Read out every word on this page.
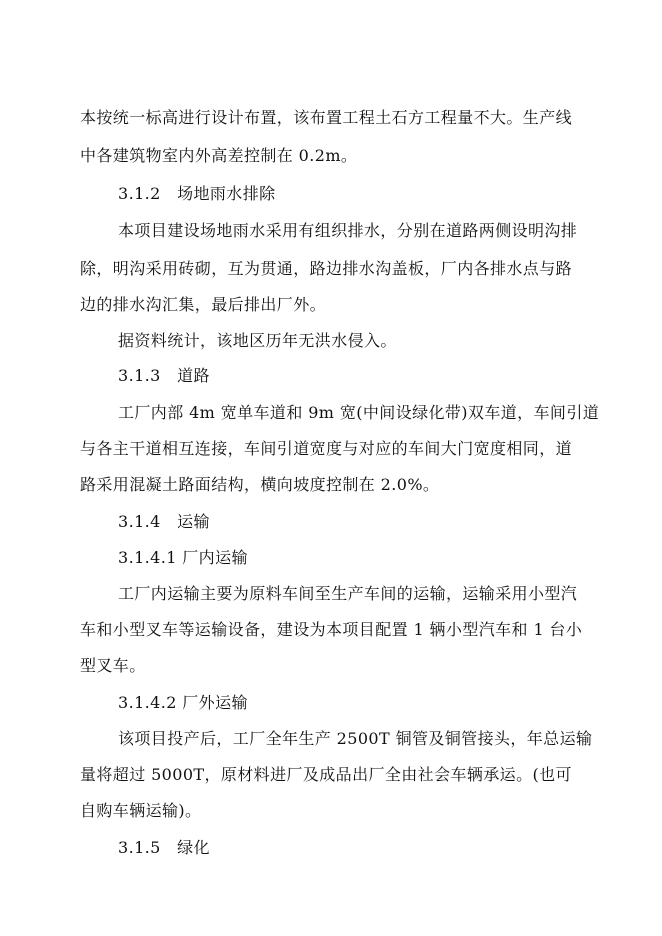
本按统一标高进行设计布置，该布置工程土石方工程量不大。生产线
中各建筑物室内外高差控制在 0.2m。
3.1.2　场地雨水排除
本项目建设场地雨水采用有组织排水，分别在道路两侧设明沟排
除，明沟采用砖砌，互为贯通，路边排水沟盖板，厂内各排水点与路
边的排水沟汇集，最后排出厂外。
据资料统计，该地区历年无洪水侵入。
3.1.3　道路
工厂内部 4m 宽单车道和 9m 宽(中间设绿化带)双车道，车间引道
与各主干道相互连接，车间引道宽度与对应的车间大门宽度相同，道
路采用混凝土路面结构，横向坡度控制在 2.0%。
3.1.4　运输
3.1.4.1 厂内运输
工厂内运输主要为原料车间至生产车间的运输，运输采用小型汽
车和小型叉车等运输设备，建设为本项目配置 1 辆小型汽车和 1 台小
型叉车。
3.1.4.2 厂外运输
该项目投产后，工厂全年生产 2500T 铜管及铜管接头，年总运输
量将超过 5000T，原材料进厂及成品出厂全由社会车辆承运。(也可
自购车辆运输)。
3.1.5　绿化
